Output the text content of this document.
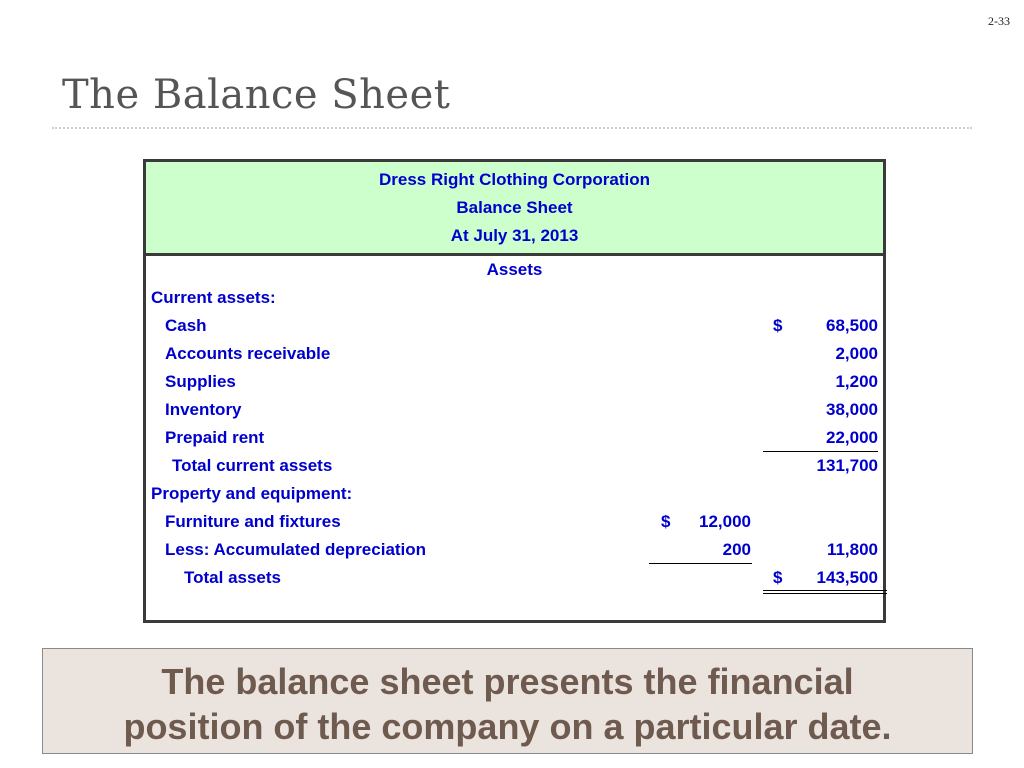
2-33
The Balance Sheet
Dress Right Clothing Corporation
Balance Sheet
At July 31, 2013
Assets
Current assets:
Cash	$	68,500
Accounts receivable	2,000
Supplies	1,200
Inventory	38,000
Prepaid rent	22,000
Total current assets	131,700
Property and equipment:
Furniture and fixtures	$	12,000
Less: Accumulated depreciation	200	11,800
Total assets	$	143,500
The balance sheet presents the financial
position of the company on a particular date.
